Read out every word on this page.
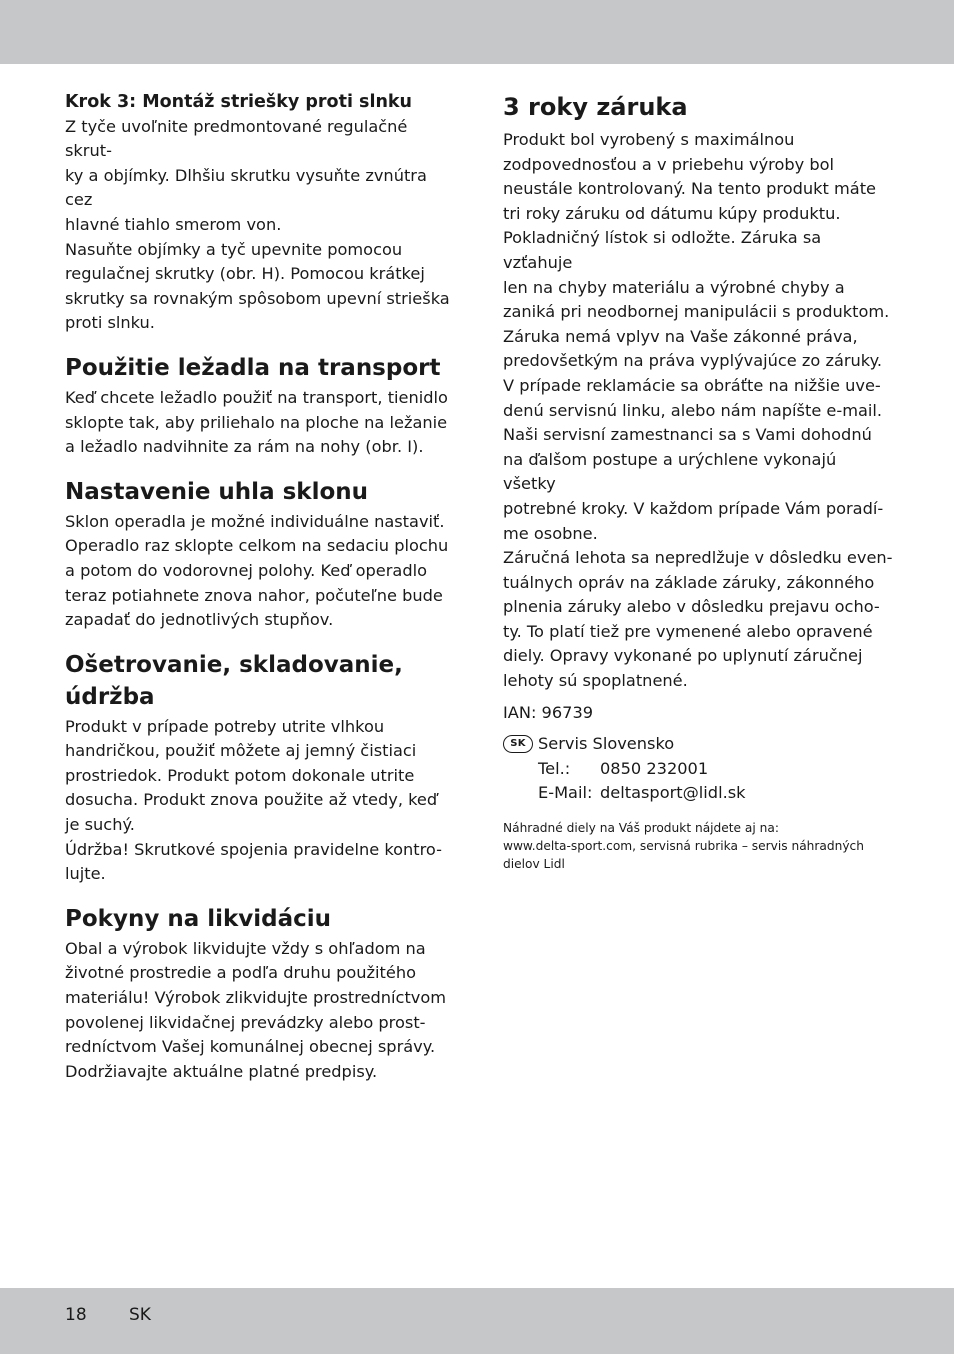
Krok 3: Montáž striešky proti slnku

Z tyče uvoľnite predmontované regulačné skrut-
ky a objímky. Dlhšiu skrutku vysuňte zvnútra cez
hlavné tiahlo smerom von.
Nasuňte objímky a tyč upevnite pomocou
regulačnej skrutky (obr. H). Pomocou krátkej
skrutky sa rovnakým spôsobom upevní strieška
proti slnku.

Použitie ležadla na transport

Keď chcete ležadlo použiť na transport, tienidlo
sklopte tak, aby priliehalo na ploche na ležanie
a ležadlo nadvihnite za rám na nohy (obr. I).

Nastavenie uhla sklonu

Sklon operadla je možné individuálne nastaviť.
Operadlo raz sklopte celkom na sedaciu plochu
a potom do vodorovnej polohy. Keď operadlo
teraz potiahnete znova nahor, počuteľne bude
zapadať do jednotlivých stupňov.

Ošetrovanie, skladovanie,
údržba

Produkt v prípade potreby utrite vlhkou
handričkou, použiť môžete aj jemný čistiaci
prostriedok. Produkt potom dokonale utrite
dosucha. Produkt znova použite až vtedy, keď
je suchý.

Údržba! Skrutkové spojenia pravidelne kontro-
lujte.

Pokyny na likvidáciu

Obal a výrobok likvidujte vždy s ohľadom na
životné prostredie a podľa druhu použitého
materiálu! Výrobok zlikvidujte prostredníctvom
povolenej likvidačnej prevádzky alebo prost-
redníctvom Vašej komunálnej obecnej správy.
Dodržiavajte aktuálne platné predpisy.

3 roky záruka

Produkt bol vyrobený s maximálnou
zodpovednosťou a v priebehu výroby bol
neustále kontrolovaný. Na tento produkt máte
tri roky záruku od dátumu kúpy produktu.
Pokladničný lístok si odložte. Záruka sa vzťahuje
len na chyby materiálu a výrobné chyby a
zaniká pri neodbornej manipulácii s produktom.
Záruka nemá vplyv na Vaše zákonné práva,
predovšetkým na práva vyplývajúce zo záruky.
V prípade reklamácie sa obráťte na nižšie uve-
denú servisnú linku, alebo nám napíšte e-mail.
Naši servisní zamestnanci sa s Vami dohodnú
na ďalšom postupe a urýchlene vykonajú všetky
potrebné kroky. V každom prípade Vám poradí-
me osobne.

Záručná lehota sa nepredlžuje v dôsledku even-
tuálnych opráv na základe záruky, zákonného
plnenia záruky alebo v dôsledku prejavu ocho-
ty. To platí tiež pre vymenené alebo opravené
diely. Opravy vykonané po uplynutí záručnej
lehoty sú spoplatnené.

IAN: 96739

SK Servis Slovensko
Tel.:	0850 232001
E-Mail: deltasport@lidl.sk
Náhradné diely na Váš produkt nájdete aj na:
www.delta-sport.com, servisná rubrika – servis náhradných
dielov Lidl
18 SK
